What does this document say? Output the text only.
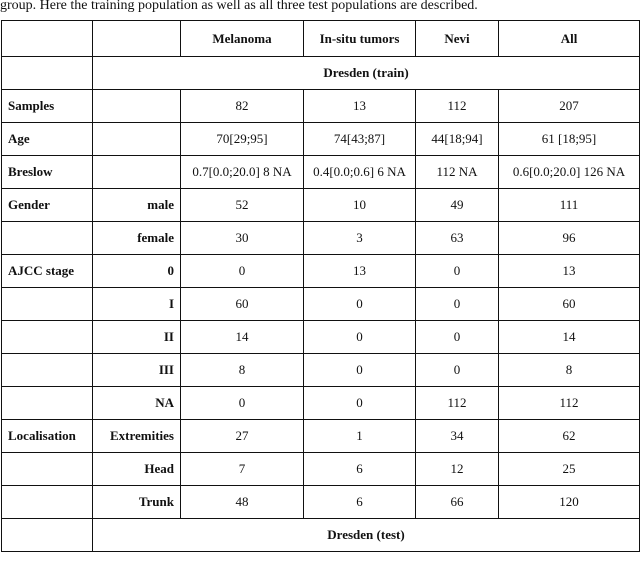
group. Here the training population as well as all three test populations are described.
		Melanoma	In-situ tumors	Nevi	All
	Dresden (train)				
Samples		82	13	112	207
Age		70[29;95]	74[43;87]	44[18;94]	61 [18;95]
Breslow		0.7[0.0;20.0] 8 NA	0.4[0.0;0.6] 6 NA	112 NA	0.6[0.0;20.0] 126 NA
Gender	male	52	10	49	111
	female	30	3	63	96
AJCC stage	0	0	13	0	13
	I	60	0	0	60
	II	14	0	0	14
	III	8	0	0	8
	NA	0	0	112	112
Localisation	Extremities	27	1	34	62
	Head	7	6	12	25
	Trunk	48	6	66	120
	Dresden (test)				
